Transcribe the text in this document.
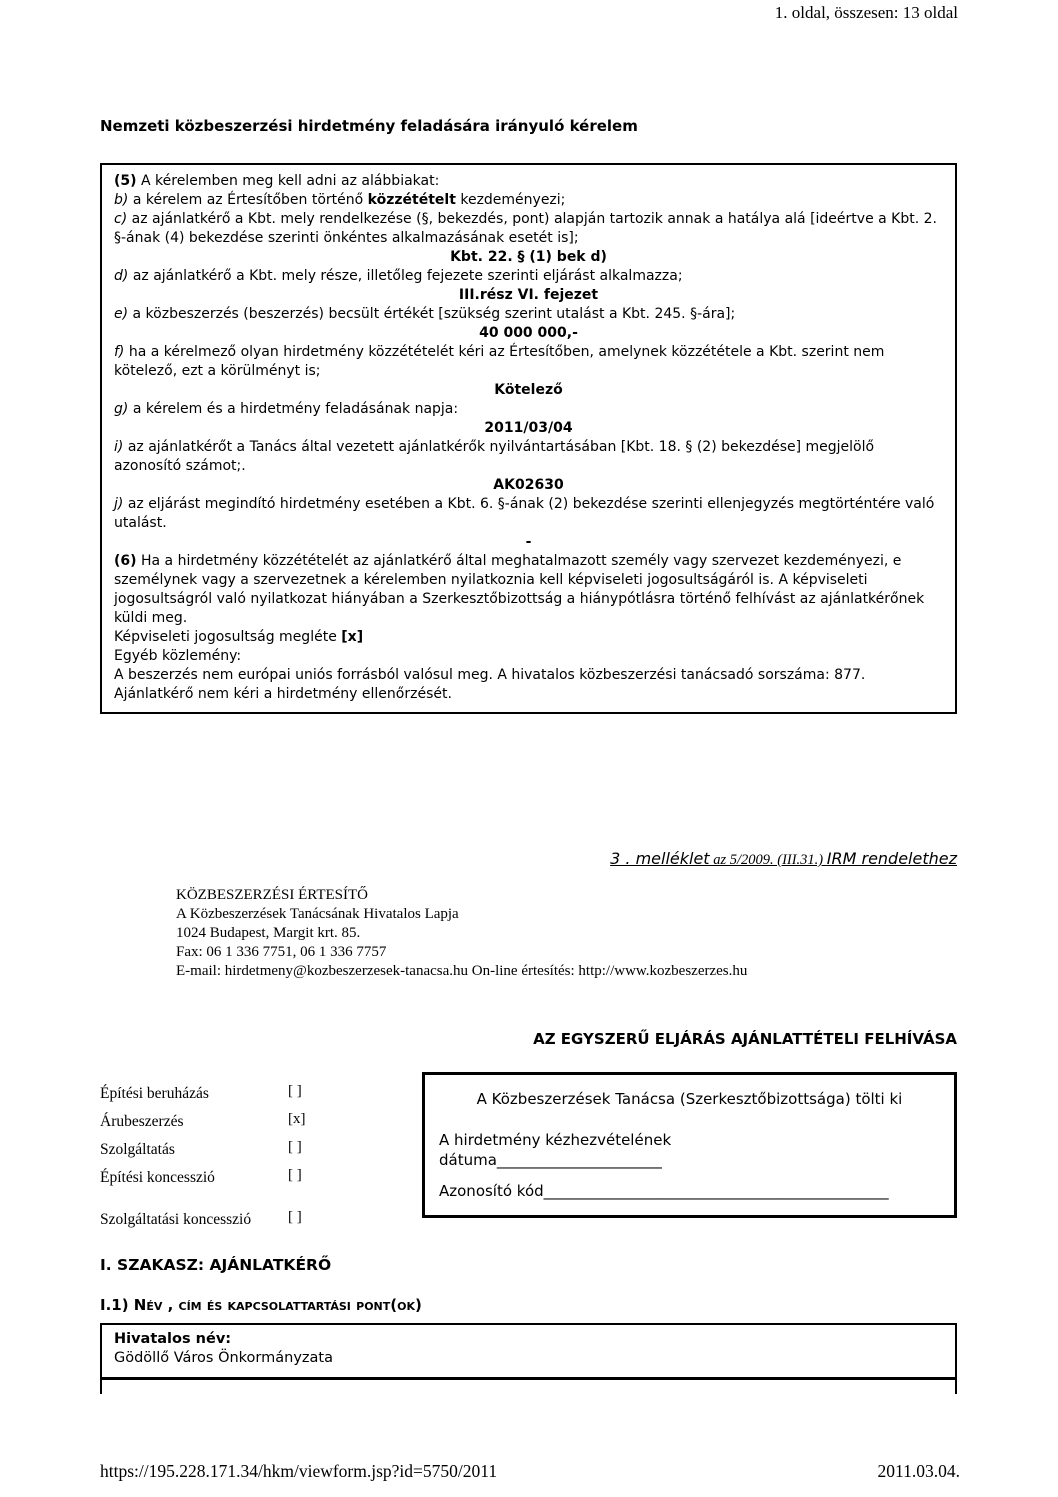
1. oldal, összesen: 13 oldal
Nemzeti közbeszerzési hirdetmény feladására irányuló kérelem

(5) A kérelemben meg kell adni az alábbiakat:

b) a kérelem az Értesítőben történő közzétételt kezdeményezi;

c) az ajánlatkérő a Kbt. mely rendelkezése (§, bekezdés, pont) alapján tartozik annak a hatálya alá [ideértve a Kbt. 2. §-ának (4) bekezdése szerinti önkéntes alkalmazásának esetét is];

Kbt. 22. § (1) bek d)

d) az ajánlatkérő a Kbt. mely része, illetőleg fejezete szerinti eljárást alkalmazza;

III.rész VI. fejezet

e) a közbeszerzés (beszerzés) becsült értékét [szükség szerint utalást a Kbt. 245. §-ára];

40 000 000,-

f) ha a kérelmező olyan hirdetmény közzétételét kéri az Értesítőben, amelynek közzététele a Kbt. szerint nem kötelező, ezt a körülményt is;

Kötelező

g) a kérelem és a hirdetmény feladásának napja:

2011/03/04

i) az ajánlatkérőt a Tanács által vezetett ajánlatkérők nyilvántartásában [Kbt. 18. § (2) bekezdése] megjelölő azonosító számot;.

AK02630

j) az eljárást megindító hirdetmény esetében a Kbt. 6. §-ának (2) bekezdése szerinti ellenjegyzés megtörténtére való utalást.

-

(6) Ha a hirdetmény közzétételét az ajánlatkérő által meghatalmazott személy vagy szervezet kezdeményezi, e személynek vagy a szervezetnek a kérelemben nyilatkoznia kell képviseleti jogosultságáról is. A képviseleti jogosultságról való nyilatkozat hiányában a Szerkesztőbizottság a hiánypótlásra történő felhívást az ajánlatkérőnek küldi meg.

Képviseleti jogosultság megléte [x]

Egyéb közlemény:

A beszerzés nem európai uniós forrásból valósul meg. A hivatalos közbeszerzési tanácsadó sorszáma: 877. Ajánlatkérő nem kéri a hirdetmény ellenőrzését.

3 . melléklet az 5/2009. (III.31.) IRM rendelethez
KÖZBESZERZÉSI ÉRTESÍTŐ
A Közbeszerzések Tanácsának Hivatalos Lapja
1024 Budapest, Margit krt. 85.
Fax: 06 1 336 7751, 06 1 336 7757
E-mail: hirdetmeny@kozbeszerzesek-tanacsa.hu On-line értesítés: http://www.kozbeszerzes.hu
AZ EGYSZERŰ ELJÁRÁS AJÁNLATTÉTELI FELHÍVÁSA
Építési beruházás	[ ]
Árubeszerzés	[x]
Szolgáltatás	[ ]
Építési koncesszió	[ ]
Szolgáltatási koncesszió [ ]
A Közbeszerzések Tanácsa (Szerkesztőbizottsága) tölti ki
A hirdetmény kézhezvételének
dátuma______________________
Azonosító kód______________________________________________
I. SZAKASZ: AJÁNLATKÉRŐ
I.1) Név , cím és kapcsolattartási pont(ok)
Hivatalos név:
Gödöllő Város Önkormányzata
https://195.228.171.34/hkm/viewform.jsp?id=5750/2011	2011.03.04.
